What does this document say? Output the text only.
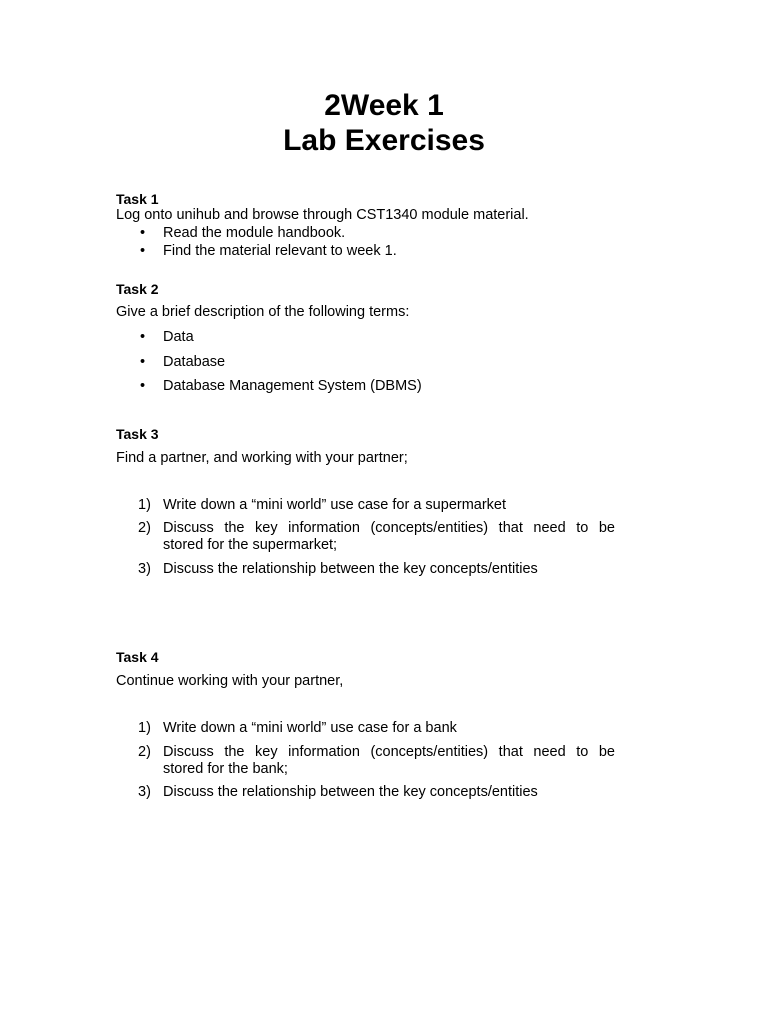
2Week 1
Lab Exercises
Task 1
Log onto unihub and browse through CST1340 module material.
• Read the module handbook.
• Find the material relevant to week 1.
Task 2
Give a brief description of the following terms:
• Data
• Database
• Database Management System (DBMS)
Task 3
Find a partner, and working with your partner;
1) Write down a “mini world” use case for a supermarket
2) Discuss the key information (concepts/entities) that need to be
stored for the supermarket;
3) Discuss the relationship between the key concepts/entities
Task 4
Continue working with your partner,
1) Write down a “mini world” use case for a bank
2) Discuss the key information (concepts/entities) that need to be
stored for the bank;
3) Discuss the relationship between the key concepts/entities
